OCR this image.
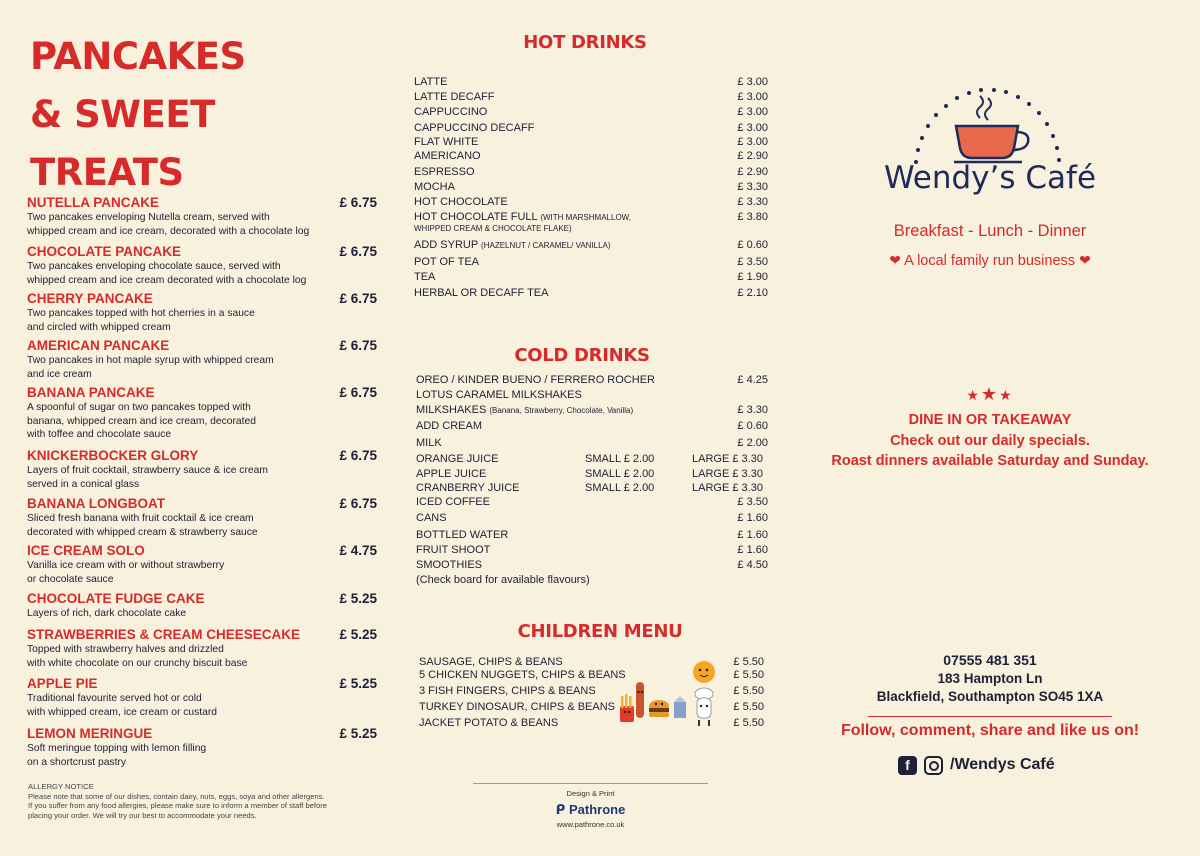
PANCAKES
& SWEET
TREATS
NUTELLA PANCAKE	£ 6.75
Two pancakes enveloping Nutella cream, served with
whipped cream and ice cream, decorated with a chocolate log
CHOCOLATE PANCAKE	£ 6.75
Two pancakes enveloping chocolate sauce, served with
whipped cream and ice cream decorated with a chocolate log
CHERRY PANCAKE	£ 6.75
Two pancakes topped with hot cherries in a sauce
and circled with whipped cream
AMERICAN PANCAKE	£ 6.75
Two pancakes in hot maple syrup with whipped cream
and ice cream
BANANA PANCAKE	£ 6.75
A spoonful of sugar on two pancakes topped with
banana, whipped cream and ice cream, decorated
with toffee and chocolate sauce
KNICKERBOCKER GLORY	£ 6.75
Layers of fruit cocktail, strawberry sauce & ice cream
served in a conical glass
BANANA LONGBOAT	£ 6.75
Sliced fresh banana with fruit cocktail & ice cream
decorated with whipped cream & strawberry sauce
ICE CREAM SOLO	£ 4.75
Vanilla ice cream with or without strawberry
or chocolate sauce
CHOCOLATE FUDGE CAKE	£ 5.25
Layers of rich, dark chocolate cake
STRAWBERRIES & CREAM CHEESECAKE	£ 5.25
Topped with strawberry halves and drizzled
with white chocolate on our crunchy biscuit base
APPLE PIE	£ 5.25
Traditional favourite served hot or cold
with whipped cream, ice cream or custard
LEMON MERINGUE	£ 5.25
Soft meringue topping with lemon filling
on a shortcrust pastry
ALLERGY NOTICE
Please note that some of our dishes, contain dairy, nuts, eggs, soya and other allergens.
If you suffer from any food allergies, please make sure to inform a member of staff before
placing your order. We will try our best to accommodate your needs.
HOT DRINKS
LATTE	£ 3.00
LATTE DECAFF	£ 3.00
CAPPUCCINO	£ 3.00
CAPPUCCINO DECAFF	£ 3.00
FLAT WHITE	£ 3.00
AMERICANO	£ 2.90
ESPRESSO	£ 2.90
MOCHA	£ 3.30
HOT CHOCOLATE	£ 3.30
HOT CHOCOLATE FULL (WITH MARSHMALLOW,	£ 3.80
WHIPPED CREAM & CHOCOLATE FLAKE)
ADD SYRUP (HAZELNUT / CARAMEL/ VANILLA)	£ 0.60
POT OF TEA	£ 3.50
TEA	£ 1.90
HERBAL OR DECAFF TEA	£ 2.10
COLD DRINKS
OREO / KINDER BUENO / FERRERO ROCHER	£ 4.25
LOTUS CARAMEL MILKSHAKES
MILKSHAKES (Banana, Strawberry, Chocolate, Vanilla)	£ 3.30
ADD CREAM	£ 0.60
MILK	£ 2.00
ORANGE JUICE	SMALL £ 2.00	LARGE £ 3.30
APPLE JUICE	SMALL £ 2.00	LARGE £ 3.30
CRANBERRY JUICE	SMALL £ 2.00	LARGE £ 3.30
ICED COFFEE	£ 3.50
CANS	£ 1.60
BOTTLED WATER	£ 1.60
FRUIT SHOOT	£ 1.60
SMOOTHIES	£ 4.50
(Check board for available flavours)
CHILDREN MENU
SAUSAGE, CHIPS & BEANS	£ 5.50
5 CHICKEN NUGGETS, CHIPS & BEANS	£ 5.50
3 FISH FINGERS, CHIPS & BEANS	£ 5.50
TURKEY DINOSAUR, CHIPS & BEANS	£ 5.50
JACKET POTATO & BEANS	£ 5.50
Wendy’s Café
Breakfast - Lunch - Dinner
❤ A local family run business ❤
★★★
DINE IN OR TAKEAWAY
Check out our daily specials.
Roast dinners available Saturday and Sunday.
07555 481 351
183 Hampton Ln
Blackfield, Southampton SO45 1XA
Follow, comment, share and like us on!
f	/Wendys Café
Design & Print
ᑭ Pathrone
www.pathrone.co.uk
